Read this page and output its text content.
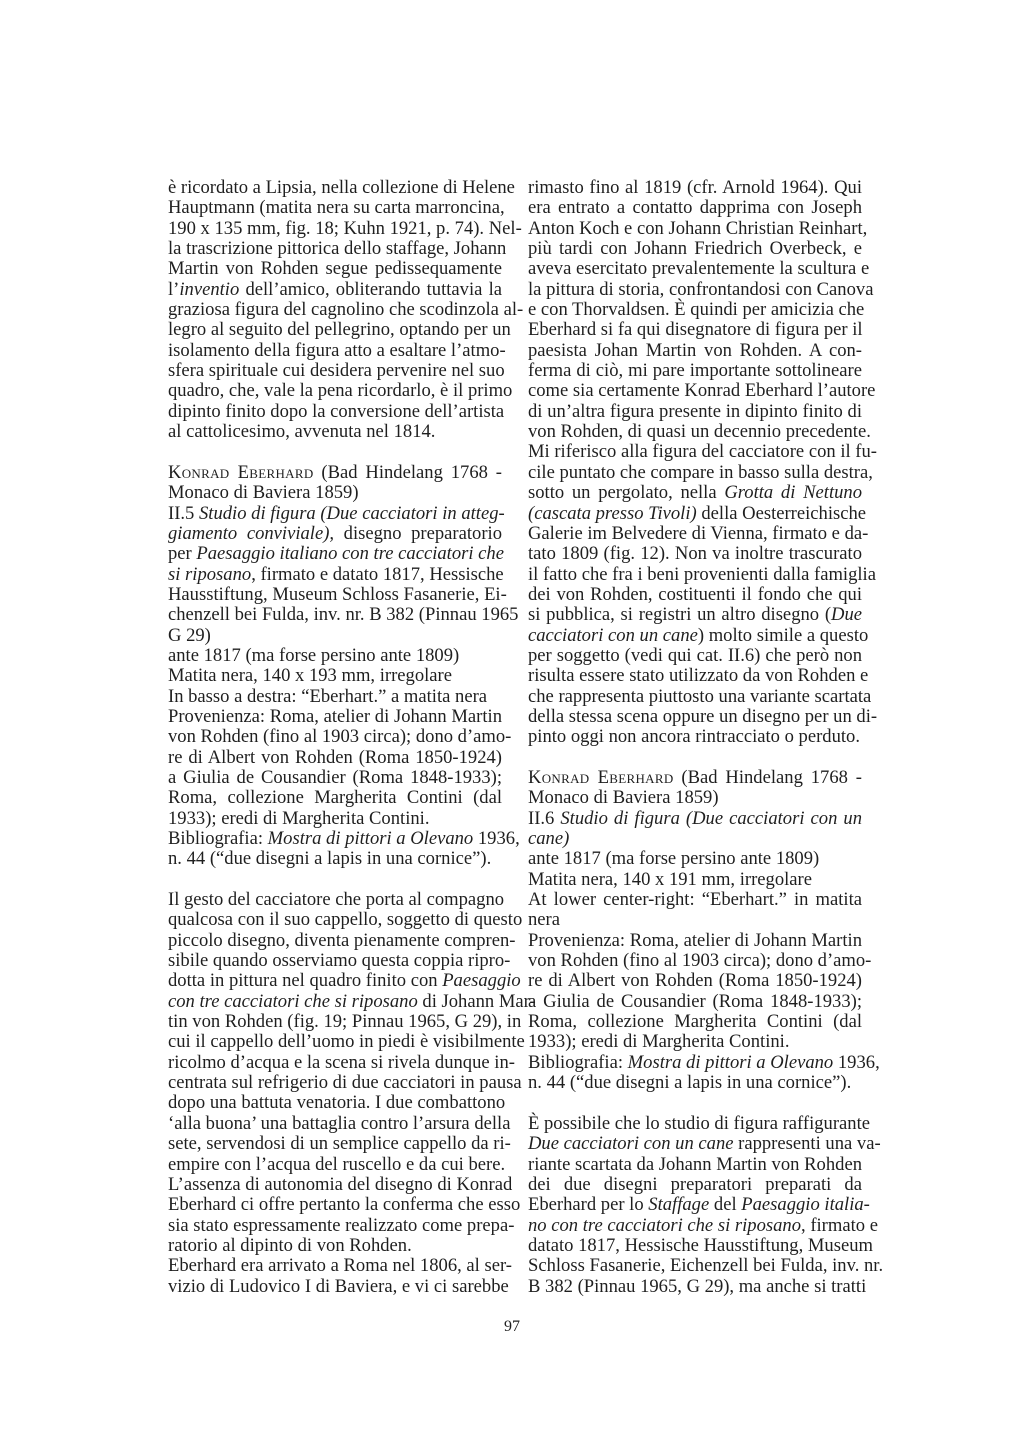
è ricordato a Lipsia, nella collezione di Helene
Hauptmann (matita nera su carta marroncina,
190 x 135 mm, fig. 18; Kuhn 1921, p. 74). Nel-
la trascrizione pittorica dello staffage, Johann
Martin von Rohden segue pedissequamente
l’inventio dell’amico, obliterando tuttavia la
graziosa figura del cagnolino che scodinzola al-
legro al seguito del pellegrino, optando per un
isolamento della figura atto a esaltare l’atmo-
sfera spirituale cui desidera pervenire nel suo
quadro, che, vale la pena ricordarlo, è il primo
dipinto finito dopo la conversione dell’artista
al cattolicesimo, avvenuta nel 1814.
Konrad Eberhard (Bad Hindelang 1768 -
Monaco di Baviera 1859)
II.5 Studio di figura (Due cacciatori in atteg-
giamento conviviale), disegno preparatorio
per Paesaggio italiano con tre cacciatori che
si riposano, firmato e datato 1817, Hessische
Hausstiftung, Museum Schloss Fasanerie, Ei-
chenzell bei Fulda, inv. nr. B 382 (Pinnau 1965
G 29)
ante 1817 (ma forse persino ante 1809)
Matita nera, 140 x 193 mm, irregolare
In basso a destra: “Eberhart.” a matita nera
Provenienza: Roma, atelier di Johann Martin
von Rohden (fino al 1903 circa); dono d’amo-
re di Albert von Rohden (Roma 1850-1924)
a Giulia de Cousandier (Roma 1848-1933);
Roma, collezione Margherita Contini (dal
1933); eredi di Margherita Contini.
Bibliografia: Mostra di pittori a Olevano 1936,
n. 44 (“due disegni a lapis in una cornice”).
Il gesto del cacciatore che porta al compagno
qualcosa con il suo cappello, soggetto di questo
piccolo disegno, diventa pienamente compren-
sibile quando osserviamo questa coppia ripro-
dotta in pittura nel quadro finito con Paesaggio
con tre cacciatori che si riposano di Johann Mar-
tin von Rohden (fig. 19; Pinnau 1965, G 29), in
cui il cappello dell’uomo in piedi è visibilmente
ricolmo d’acqua e la scena si rivela dunque in-
centrata sul refrigerio di due cacciatori in pausa
dopo una battuta venatoria. I due combattono
‘alla buona’ una battaglia contro l’arsura della
sete, servendosi di un semplice cappello da ri-
empire con l’acqua del ruscello e da cui bere.
L’assenza di autonomia del disegno di Konrad
Eberhard ci offre pertanto la conferma che esso
sia stato espressamente realizzato come prepa-
ratorio al dipinto di von Rohden.
Eberhard era arrivato a Roma nel 1806, al ser-
vizio di Ludovico I di Baviera, e vi ci sarebbe
rimasto fino al 1819 (cfr. Arnold 1964). Qui
era entrato a contatto dapprima con Joseph
Anton Koch e con Johann Christian Reinhart,
più tardi con Johann Friedrich Overbeck, e
aveva esercitato prevalentemente la scultura e
la pittura di storia, confrontandosi con Canova
e con Thorvaldsen. È quindi per amicizia che
Eberhard si fa qui disegnatore di figura per il
paesista Johan Martin von Rohden. A con-
ferma di ciò, mi pare importante sottolineare
come sia certamente Konrad Eberhard l’autore
di un’altra figura presente in dipinto finito di
von Rohden, di quasi un decennio precedente.
Mi riferisco alla figura del cacciatore con il fu-
cile puntato che compare in basso sulla destra,
sotto un pergolato, nella Grotta di Nettuno
(cascata presso Tivoli) della Oesterreichische
Galerie im Belvedere di Vienna, firmato e da-
tato 1809 (fig. 12). Non va inoltre trascurato
il fatto che fra i beni provenienti dalla famiglia
dei von Rohden, costituenti il fondo che qui
si pubblica, si registri un altro disegno (Due
cacciatori con un cane) molto simile a questo
per soggetto (vedi qui cat. II.6) che però non
risulta essere stato utilizzato da von Rohden e
che rappresenta piuttosto una variante scartata
della stessa scena oppure un disegno per un di-
pinto oggi non ancora rintracciato o perduto.
Konrad Eberhard (Bad Hindelang 1768 -
Monaco di Baviera 1859)
II.6 Studio di figura (Due cacciatori con un
cane)
ante 1817 (ma forse persino ante 1809)
Matita nera, 140 x 191 mm, irregolare
At lower center-right: “Eberhart.” in matita
nera
Provenienza: Roma, atelier di Johann Martin
von Rohden (fino al 1903 circa); dono d’amo-
re di Albert von Rohden (Roma 1850-1924)
a Giulia de Cousandier (Roma 1848-1933);
Roma, collezione Margherita Contini (dal
1933); eredi di Margherita Contini.
Bibliografia: Mostra di pittori a Olevano 1936,
n. 44 (“due disegni a lapis in una cornice”).
È possibile che lo studio di figura raffigurante
Due cacciatori con un cane rappresenti una va-
riante scartata da Johann Martin von Rohden
dei due disegni preparatori preparati da
Eberhard per lo Staffage del Paesaggio italia-
no con tre cacciatori che si riposano, firmato e
datato 1817, Hessische Hausstiftung, Museum
Schloss Fasanerie, Eichenzell bei Fulda, inv. nr.
B 382 (Pinnau 1965, G 29), ma anche si tratti
97
